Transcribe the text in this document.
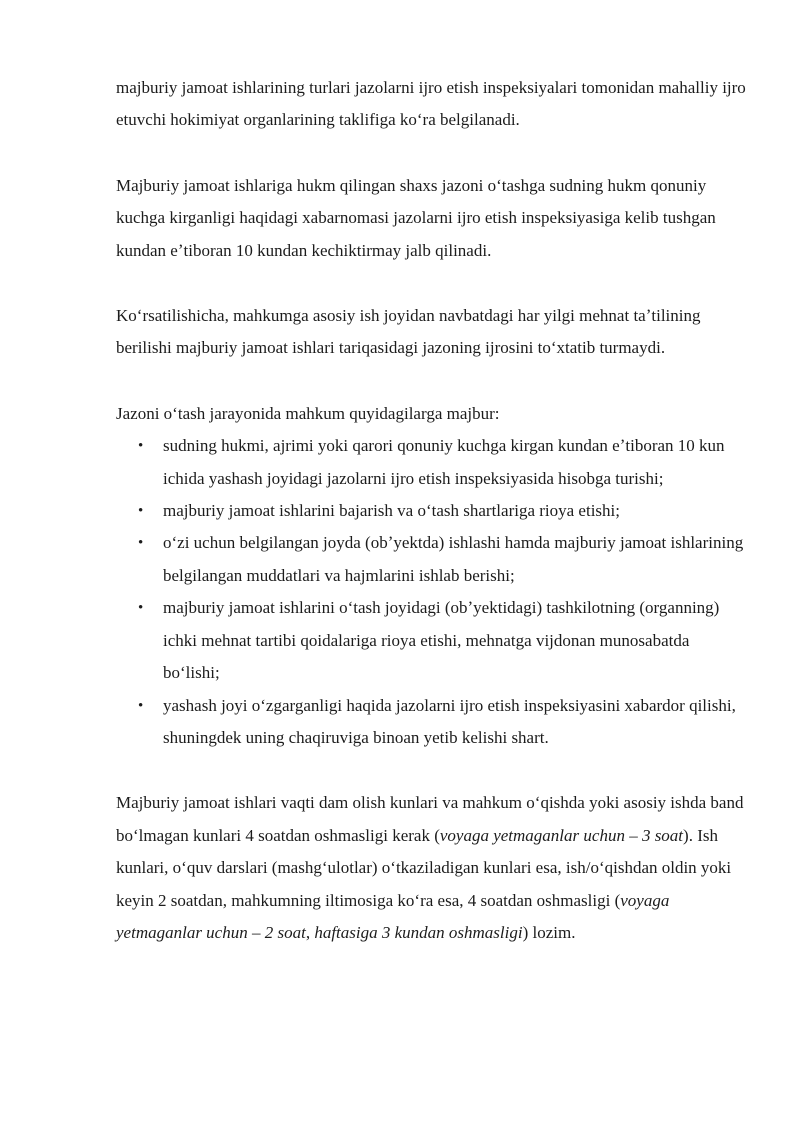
majburiy jamoat ishlarining turlari jazolarni ijro etish inspeksiyalari tomonidan mahalliy ijro etuvchi hokimiyat organlarining taklifiga koʻra belgilanadi.

Majburiy jamoat ishlariga hukm qilingan shaxs jazoni oʻtashga sudning hukm qonuniy kuchga kirganligi haqidagi xabarnomasi jazolarni ijro etish inspeksiyasiga kelib tushgan kundan eʼtiboran 10 kundan kechiktirmay jalb qilinadi.

Koʻrsatilishicha, mahkumga asosiy ish joyidan navbatdagi har yilgi mehnat taʼtilining berilishi majburiy jamoat ishlari tariqasidagi jazoning ijrosini toʻxtatib turmaydi.

Jazoni oʻtash jarayonida mahkum quyidagilarga majbur:

• sudning hukmi, ajrimi yoki qarori qonuniy kuchga kirgan kundan eʼtiboran 10 kun ichida yashash joyidagi jazolarni ijro etish inspeksiyasida hisobga turishi;
• majburiy jamoat ishlarini bajarish va oʻtash shartlariga rioya etishi;
• oʻzi uchun belgilangan joyda (obʼyektda) ishlashi hamda majburiy jamoat ishlarining belgilangan muddatlari va hajmlarini ishlab berishi;
• majburiy jamoat ishlarini oʻtash joyidagi (obʼyektidagi) tashkilotning (organning) ichki mehnat tartibi qoidalariga rioya etishi, mehnatga vijdonan munosabatda boʻlishi;
• yashash joyi oʻzgarganligi haqida jazolarni ijro etish inspeksiyasini xabardor qilishi, shuningdek uning chaqiruviga binoan yetib kelishi shart.

Majburiy jamoat ishlari vaqti dam olish kunlari va mahkum oʻqishda yoki asosiy ishda band boʻlmagan kunlari 4 soatdan oshmasligi kerak (voyaga yetmaganlar uchun – 3 soat). Ish kunlari, oʻquv darslari (mashgʻulotlar) oʻtkaziladigan kunlari esa, ish/oʻqishdan oldin yoki keyin 2 soatdan, mahkumning iltimosiga koʻra esa, 4 soatdan oshmasligi (voyaga yetmaganlar uchun – 2 soat, haftasiga 3 kundan oshmasligi) lozim.
